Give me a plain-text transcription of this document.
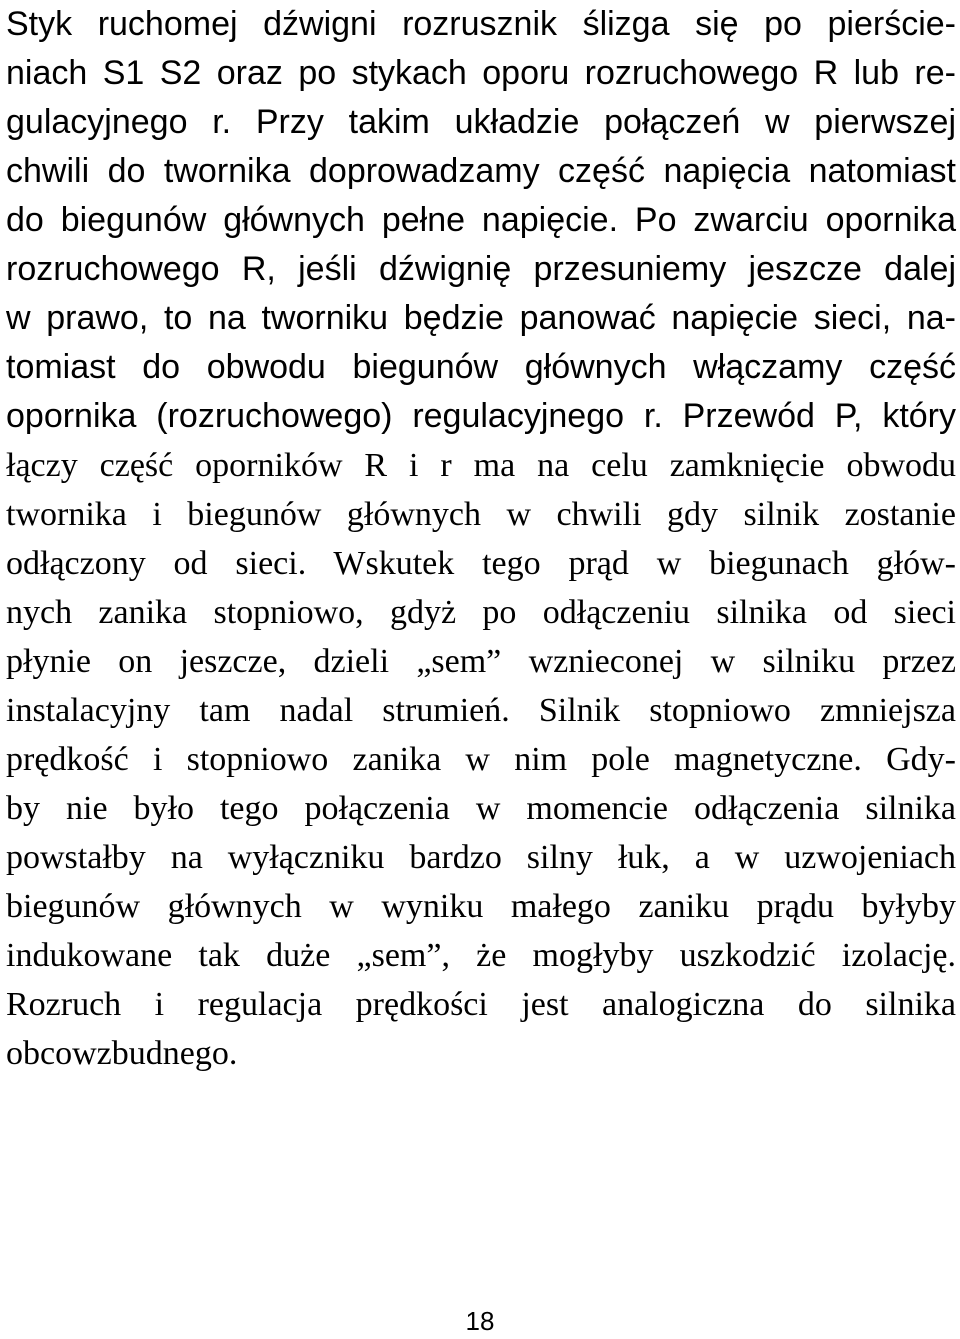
Styk ruchomej dźwigni rozrusznik ślizga się po pierście-
niach S1 S2 oraz po stykach oporu rozruchowego R lub re-
gulacyjnego r. Przy takim układzie połączeń w pierwszej
chwili do twornika doprowadzamy część napięcia natomiast
do biegunów głównych pełne napięcie. Po zwarciu opornika
rozruchowego R, jeśli dźwignię przesuniemy jeszcze dalej
w prawo, to na tworniku będzie panować napięcie sieci, na-
tomiast do obwodu biegunów głównych włączamy część
opornika (rozruchowego) regulacyjnego r. Przewód P, który
łączy część oporników R i r ma na celu zamknięcie obwodu
twornika i biegunów głównych w chwili gdy silnik zostanie
odłączony od sieci. Wskutek tego prąd w biegunach głów-
nych zanika stopniowo, gdyż po odłączeniu silnika od sieci
płynie on jeszcze, dzieli „sem” wznieconej w silniku przez
instalacyjny tam nadal strumień. Silnik stopniowo zmniejsza
prędkość i stopniowo zanika w nim pole magnetyczne. Gdy-
by nie było tego połączenia w momencie odłączenia silnika
powstałby na wyłączniku bardzo silny łuk, a w uzwojeniach
biegunów głównych w wyniku małego zaniku prądu byłyby
indukowane tak duże „sem”, że mogłyby uszkodzić izolację.
Rozruch i regulacja prędkości jest analogiczna do silnika
obcowzbudnego.
18
